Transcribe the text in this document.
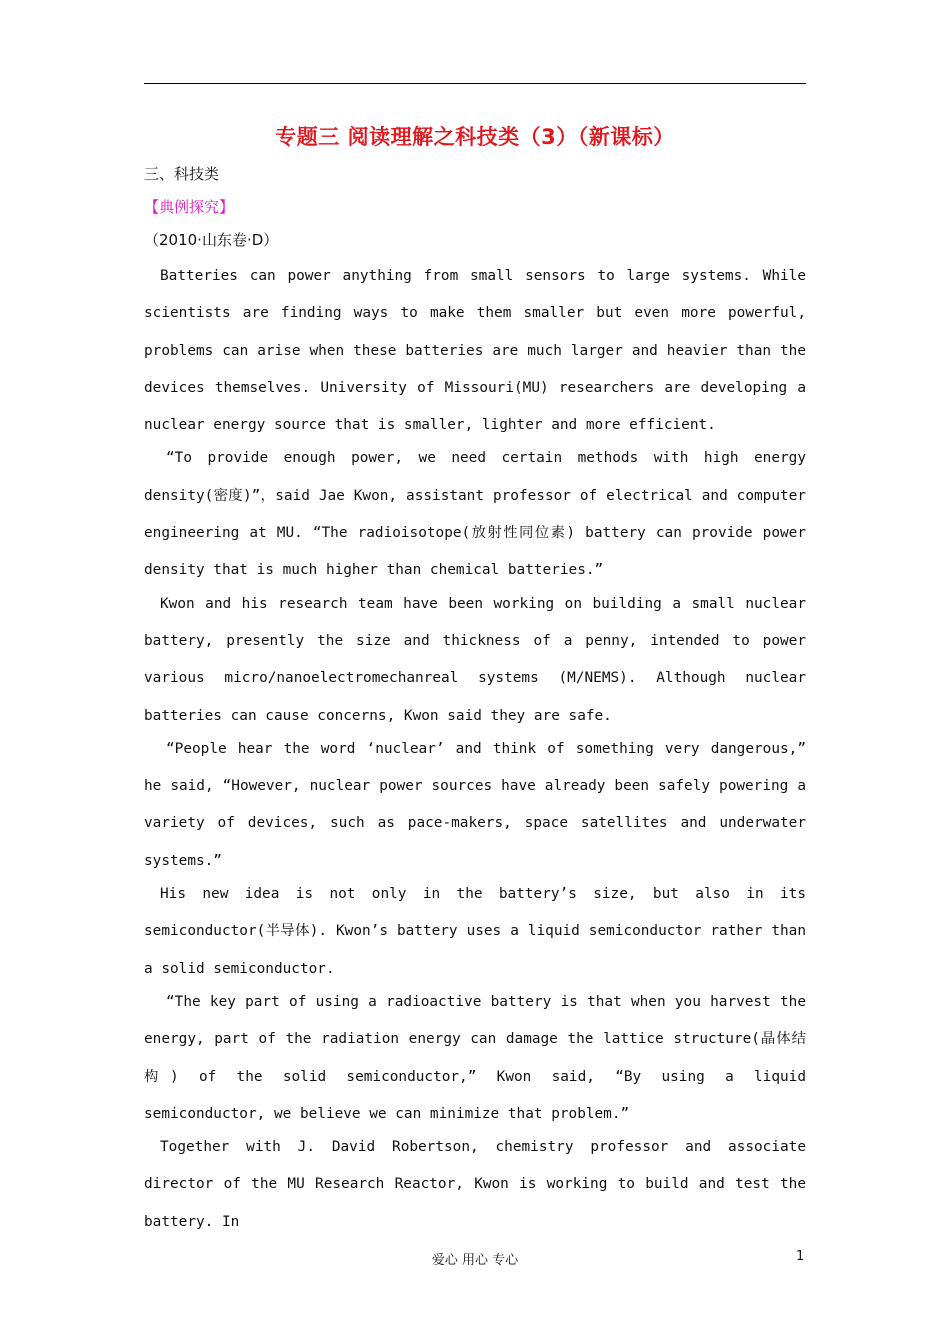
专题三 阅读理解之科技类（3）（新课标）
三、科技类
【典例探究】
（2010·山东卷·D）

Batteries can power anything from small sensors to large systems. While scientists are finding ways to make them smaller but even more powerful, problems can arise when these batteries are much larger and heavier than the devices themselves. University of Missouri(MU) researchers are developing a nuclear energy source that is smaller, lighter and more efficient.

“To provide enough power, we need certain methods with high energy density(密度)”，said Jae Kwon, assistant professor of electrical and computer engineering at MU. “The radioisotope(放射性同位素) battery can provide power density that is much higher than chemical batteries.”

Kwon and his research team have been working on building a small nuclear battery, presently the size and thickness of a penny, intended to power various micro/nanoelectromechanreal systems (M/NEMS). Although nuclear batteries can cause concerns, Kwon said they are safe.

“People hear the word ‘nuclear’ and think of something very dangerous,” he said, “However, nuclear power sources have already been safely powering a variety of devices, such as pace-makers, space satellites and underwater systems.”

His new idea is not only in the battery’s size, but also in its semiconductor(半导体). Kwon’s battery uses a liquid semiconductor rather than a solid semiconductor.

“The key part of using a radioactive battery is that when you harvest the energy, part of the radiation energy can damage the lattice structure(晶体结构) of the solid semiconductor,” Kwon said, “By using a liquid semiconductor, we believe we can minimize that problem.”

Together with J. David Robertson, chemistry professor and associate director of the MU Research Reactor, Kwon is working to build and test the battery. In

爱心 用心 专心	1
